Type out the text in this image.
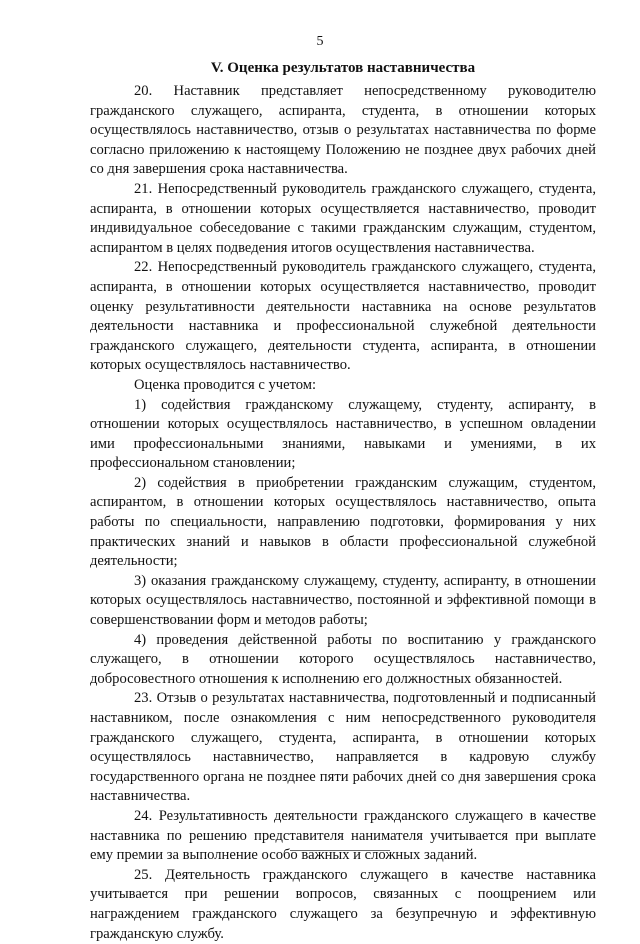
5
V. Оценка результатов наставничества

20. Наставник представляет непосредственному руководителю гражданского служащего, аспиранта, студента, в отношении которых осуществлялось наставничество, отзыв о результатах наставничества по форме согласно приложению к настоящему Положению не позднее двух рабочих дней со дня завершения срока наставничества.

21. Непосредственный руководитель гражданского служащего, студента, аспиранта, в отношении которых осуществляется наставничество, проводит индивидуальное собеседование с такими гражданским служащим, студентом, аспирантом в целях подведения итогов осуществления наставничества.

22. Непосредственный руководитель гражданского служащего, студента, аспиранта, в отношении которых осуществляется наставничество, проводит оценку результативности деятельности наставника на основе результатов деятельности наставника и профессиональной служебной деятельности гражданского служащего, деятельности студента, аспиранта, в отношении которых осуществлялось наставничество.

Оценка проводится с учетом:

1) содействия гражданскому служащему, студенту, аспиранту, в отношении которых осуществлялось наставничество, в успешном овладении ими профессиональными знаниями, навыками и умениями, в их профессиональном становлении;

2) содействия в приобретении гражданским служащим, студентом, аспирантом, в отношении которых осуществлялось наставничество, опыта работы по специальности, направлению подготовки, формирования у них практических знаний и навыков в области профессиональной служебной деятельности;

3) оказания гражданскому служащему, студенту, аспиранту, в отношении которых осуществлялось наставничество, постоянной и эффективной помощи в совершенствовании форм и методов работы;

4) проведения действенной работы по воспитанию у гражданского служащего, в отношении которого осуществлялось наставничество, добросовестного отношения к исполнению его должностных обязанностей.

23. Отзыв о результатах наставничества, подготовленный и подписанный наставником, после ознакомления с ним непосредственного руководителя гражданского служащего, студента, аспиранта, в отношении которых осуществлялось наставничество, направляется в кадровую службу государственного органа не позднее пяти рабочих дней со дня завершения срока наставничества.

24. Результативность деятельности гражданского служащего в качестве наставника по решению представителя нанимателя учитывается при выплате ему премии за выполнение особо важных и сложных заданий.

25. Деятельность гражданского служащего в качестве наставника учитывается при решении вопросов, связанных с поощрением или награждением гражданского служащего за безупречную и эффективную гражданскую службу.
